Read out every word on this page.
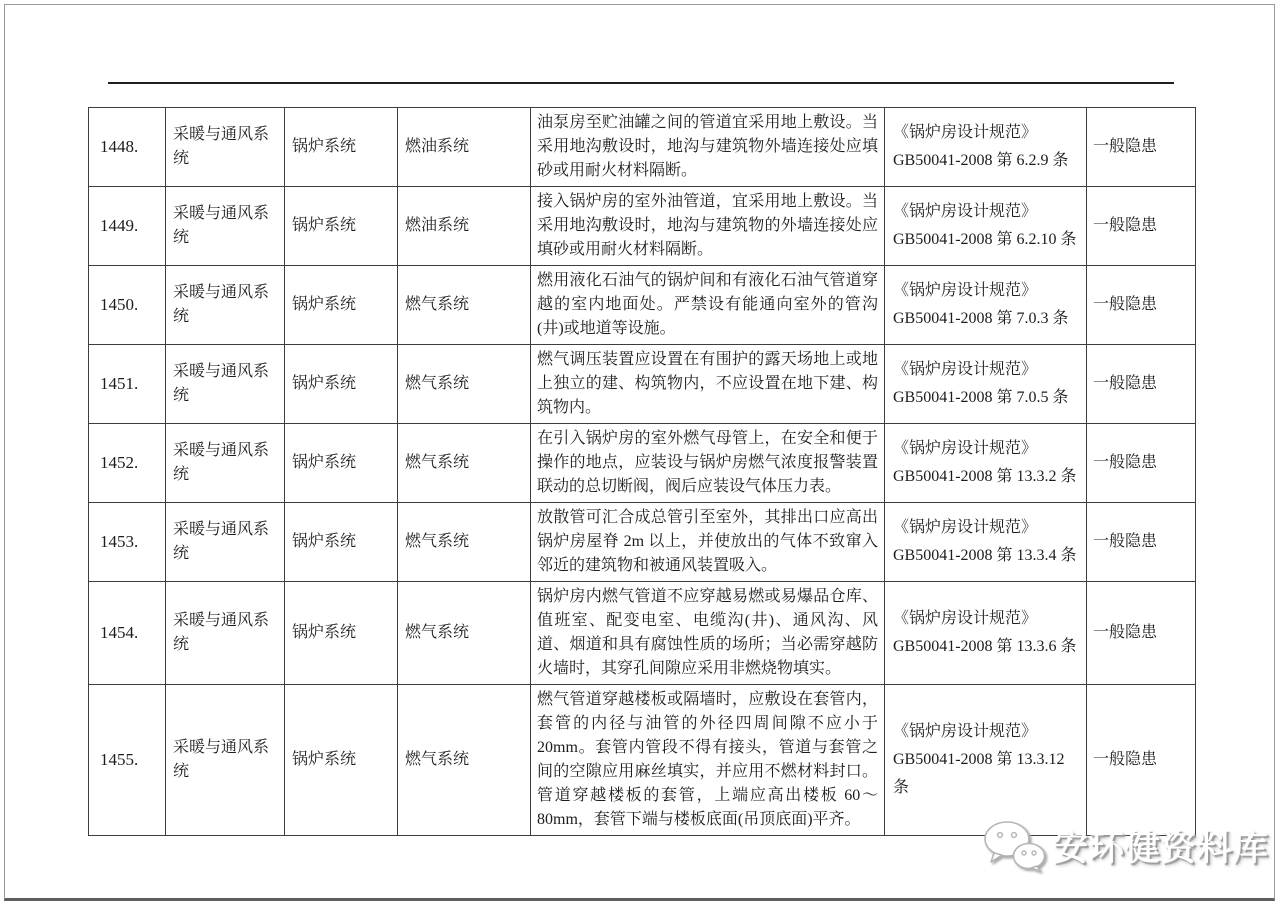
1448.	采暖与通风系统	锅炉系统	燃油系统	油泵房至贮油罐之间的管道宜采用地上敷设。当采用地沟敷设时，地沟与建筑物外墙连接处应填砂或用耐火材料隔断。	《锅炉房设计规范》GB50041-2008 第 6.2.9 条	一般隐患
1449.	采暖与通风系统	锅炉系统	燃油系统	接入锅炉房的室外油管道，宜采用地上敷设。当采用地沟敷设时，地沟与建筑物的外墙连接处应填砂或用耐火材料隔断。	《锅炉房设计规范》GB50041-2008 第 6.2.10 条	一般隐患
1450.	采暖与通风系统	锅炉系统	燃气系统	燃用液化石油气的锅炉间和有液化石油气管道穿越的室内地面处。严禁设有能通向室外的管沟(井)或地道等设施。	《锅炉房设计规范》GB50041-2008 第 7.0.3 条	一般隐患
1451.	采暖与通风系统	锅炉系统	燃气系统	燃气调压装置应设置在有围护的露天场地上或地上独立的建、构筑物内，不应设置在地下建、构筑物内。	《锅炉房设计规范》GB50041-2008 第 7.0.5 条	一般隐患
1452.	采暖与通风系统	锅炉系统	燃气系统	在引入锅炉房的室外燃气母管上，在安全和便于操作的地点，应装设与锅炉房燃气浓度报警装置联动的总切断阀，阀后应装设气体压力表。	《锅炉房设计规范》GB50041-2008 第 13.3.2 条	一般隐患
1453.	采暖与通风系统	锅炉系统	燃气系统	放散管可汇合成总管引至室外，其排出口应高出锅炉房屋脊 2m 以上，并使放出的气体不致窜入邻近的建筑物和被通风装置吸入。	《锅炉房设计规范》GB50041-2008 第 13.3.4 条	一般隐患
1454.	采暖与通风系统	锅炉系统	燃气系统	锅炉房内燃气管道不应穿越易燃或易爆品仓库、值班室、配变电室、电缆沟(井)、通风沟、风道、烟道和具有腐蚀性质的场所；当必需穿越防火墙时，其穿孔间隙应采用非燃烧物填实。	《锅炉房设计规范》GB50041-2008 第 13.3.6 条	一般隐患
1455.	采暖与通风系统	锅炉系统	燃气系统	燃气管道穿越楼板或隔墙时，应敷设在套管内，套管的内径与油管的外径四周间隙不应小于20mm。套管内管段不得有接头，管道与套管之间的空隙应用麻丝填实，并应用不燃材料封口。管道穿越楼板的套管，上端应高出楼板 60～80mm，套管下端与楼板底面(吊顶底面)平齐。	《锅炉房设计规范》GB50041-2008 第 13.3.12 条	一般隐患
安环健资料库
